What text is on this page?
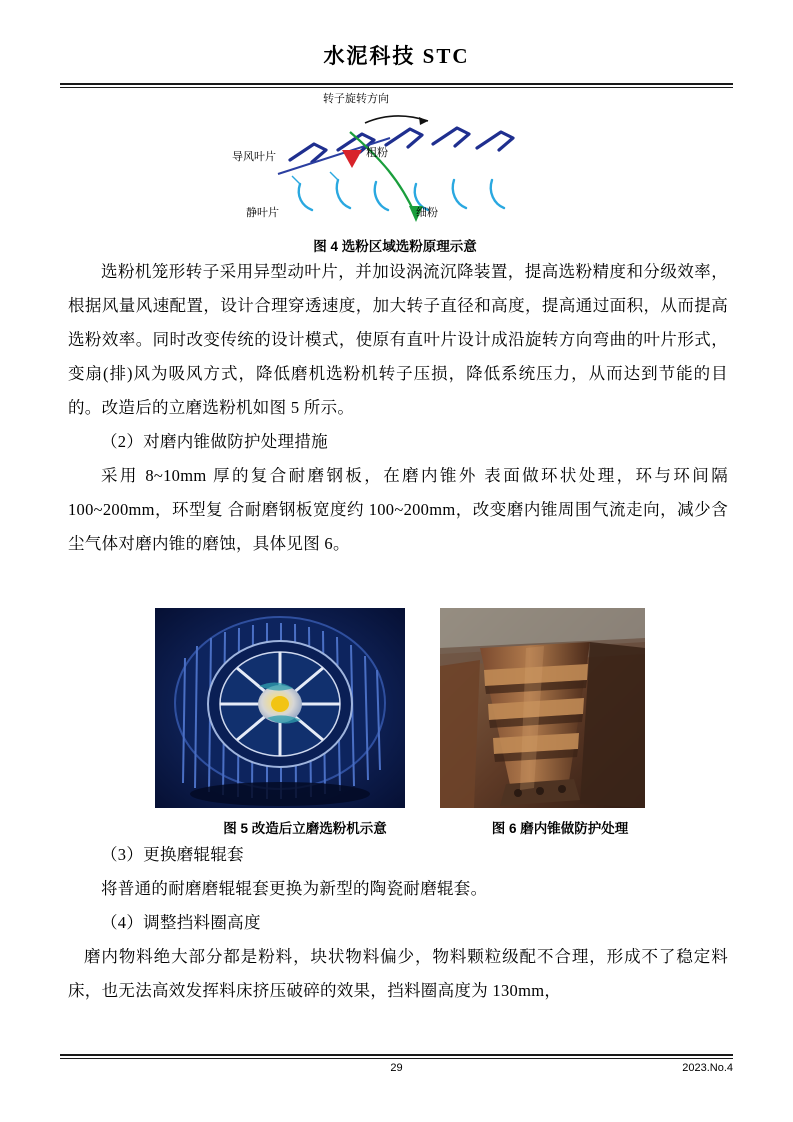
水泥科技 STC
转子旋转方向
导风叶片
静叶片
粗粉
细粉
图 4 选粉区域选粉原理示意

选粉机笼形转子采用异型动叶片，并加设涡流沉降装置，提高选粉精度和分级效率，根据风量风速配置，设计合理穿透速度，加大转子直径和高度，提高通过面积，从而提高选粉效率。同时改变传统的设计模式，使原有直叶片设计成沿旋转方向弯曲的叶片形式，变扇(排)风为吸风方式，降低磨机选粉机转子压损，降低系统压力，从而达到节能的目的。改造后的立磨选粉机如图 5 所示。

（2）对磨内锥做防护处理措施

采用 8~10mm 厚的复合耐磨钢板，在磨内锥外 表面做环状处理，环与环间隔 100~200mm，环型复 合耐磨钢板宽度约 100~200mm，改变磨内锥周围气流走向，减少含尘气体对磨内锥的磨蚀，具体见图 6。

图 5 改造后立磨选粉机示意	图 6 磨内锥做防护处理

（3）更换磨辊辊套

将普通的耐磨磨辊辊套更换为新型的陶瓷耐磨辊套。

（4）调整挡料圈高度

磨内物料绝大部分都是粉料，块状物料偏少，物料颗粒级配不合理，形成不了稳定料床，也无法高效发挥料床挤压破碎的效果，挡料圈高度为 130mm，

29	2023.No.4
